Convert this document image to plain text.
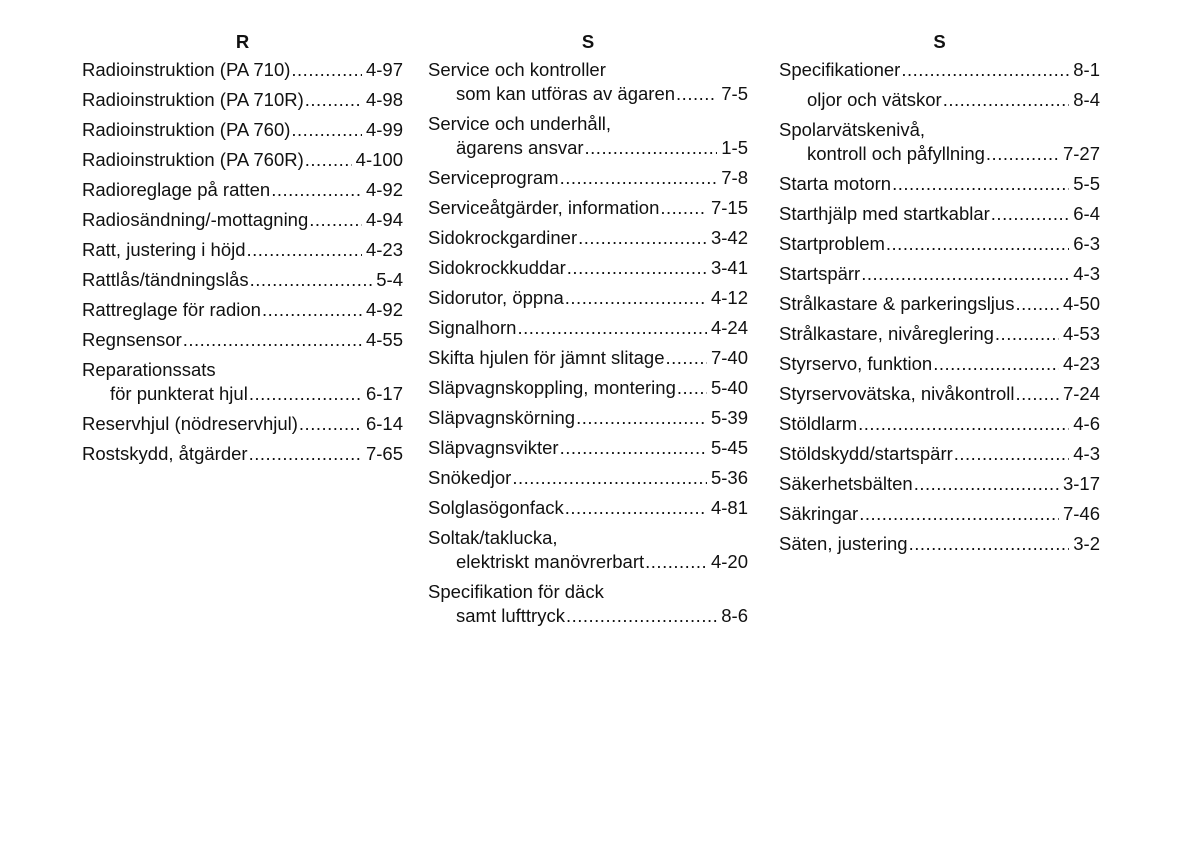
R
Radioinstruktion (PA 710) .....	4-97
Radioinstruktion (PA 710R) .....	4-98
Radioinstruktion (PA 760) .....	4-99
Radioinstruktion (PA 760R) .....	4-100
Radioreglage på ratten .....	4-92
Radiosändning/-mottagning .....	4-94
Ratt, justering i höjd .....	4-23
Rattlås/tändningslås .....	5-4
Rattreglage för radion .....	4-92
Regnsensor .....	4-55
Reparationssats
för punkterat hjul .....	6-17
Reservhjul (nödreservhjul) .....	6-14
Rostskydd, åtgärder .....	7-65
S
Service och kontroller
som kan utföras av ägaren ..... 7-5
Service och underhåll,
ägarens ansvar .....	1-5
Serviceprogram .....	7-8
Serviceåtgärder, information .....	7-15
Sidokrockgardiner .....	3-42
Sidokrockkuddar .....	3-41
Sidorutor, öppna .....	4-12
Signalhorn .....	4-24
Skifta hjulen för jämnt slitage .....	7-40
Släpvagnskoppling, montering ..... 5-40
Släpvagnskörning .....	5-39
Släpvagnsvikter .....	5-45
Snökedjor .....	5-36
Solglasögonfack .....	4-81
Soltak/taklucka,
elektriskt manövrerbart .....	4-20
Specifikation för däck
samt lufttryck .....	8-6
S
Specifikationer .....	8-1
oljor och vätskor .....	8-4
Spolarvätskenivå,
kontroll och påfyllning .....	7-27
Starta motorn .....	5-5
Starthjälp med startkablar .....	6-4
Startproblem .....	6-3
Startspärr .....	4-3
Strålkastare & parkeringsljus .....	4-50
Strålkastare, nivåreglering .....	4-53
Styrservo, funktion .....	4-23
Styrservovätska, nivåkontroll .....	7-24
Stöldlarm .....	4-6
Stöldskydd/startspärr .....	4-3
Säkerhetsbälten .....	3-17
Säkringar .....	7-46
Säten, justering .....	3-2
